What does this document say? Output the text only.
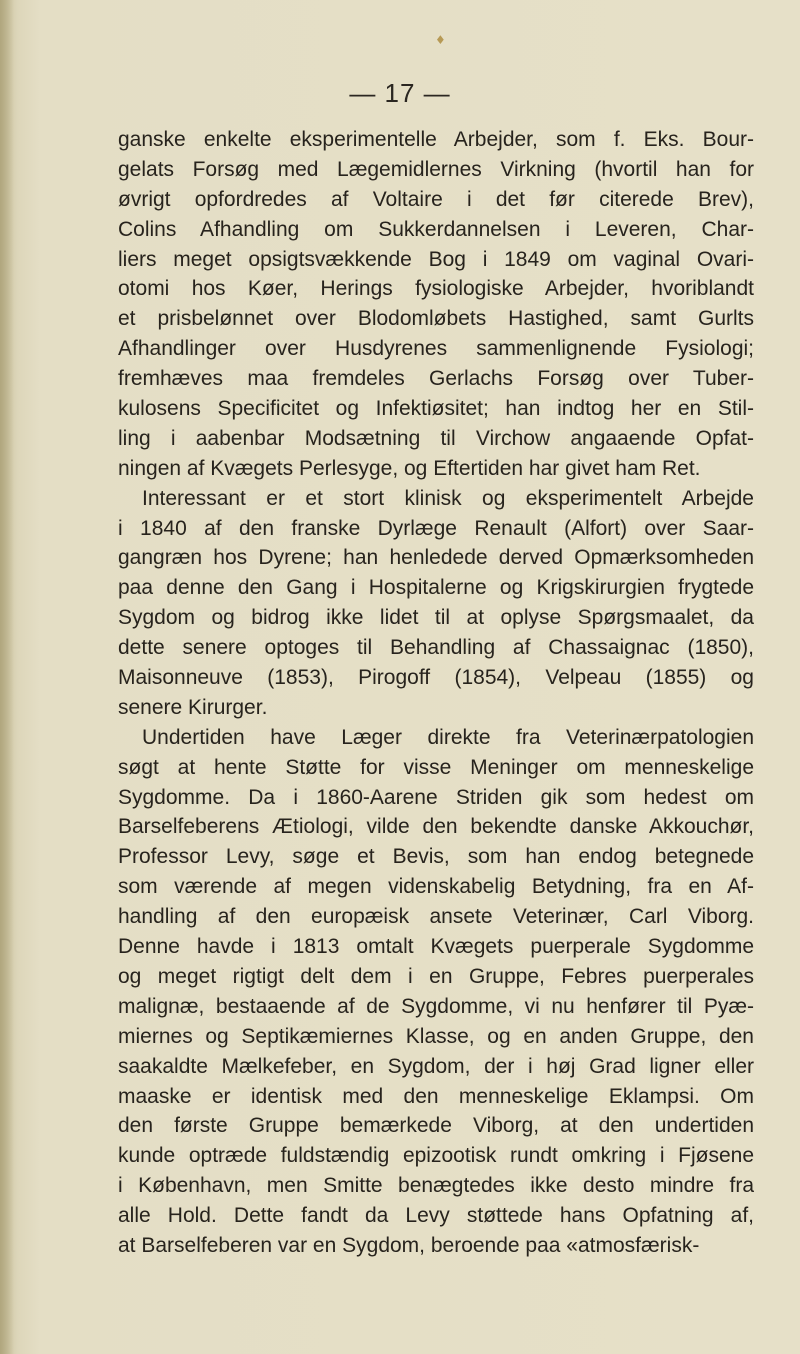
♦
— 17 —
ganske enkelte eksperimentelle Arbejder, som f. Eks. Bour-
gelats Forsøg med Lægemidlernes Virkning (hvortil han for
øvrigt opfordredes af Voltaire i det før citerede Brev),
Colins Afhandling om Sukkerdannelsen i Leveren, Char-
liers meget opsigtsvækkende Bog i 1849 om vaginal Ovari-
otomi hos Køer, Herings fysiologiske Arbejder, hvoriblandt
et prisbelønnet over Blodomløbets Hastighed, samt Gurlts
Afhandlinger over Husdyrenes sammenlignende Fysiologi;
fremhæves maa fremdeles Gerlachs Forsøg over Tuber-
kulosens Specificitet og Infektiøsitet; han indtog her en Stil-
ling i aabenbar Modsætning til Virchow angaaende Opfat-
ningen af Kvægets Perlesyge, og Eftertiden har givet ham Ret.
Interessant er et stort klinisk og eksperimentelt Arbejde
i 1840 af den franske Dyrlæge Renault (Alfort) over Saar-
gangræn hos Dyrene; han henledede derved Opmærksomheden
paa denne den Gang i Hospitalerne og Krigskirurgien frygtede
Sygdom og bidrog ikke lidet til at oplyse Spørgsmaalet, da
dette senere optoges til Behandling af Chassaignac (1850),
Maisonneuve (1853), Pirogoff (1854), Velpeau (1855) og
senere Kirurger.
Undertiden have Læger direkte fra Veterinærpatologien
søgt at hente Støtte for visse Meninger om menneskelige
Sygdomme. Da i 1860-Aarene Striden gik som hedest om
Barselfeberens Ætiologi, vilde den bekendte danske Akkouchør,
Professor Levy, søge et Bevis, som han endog betegnede
som værende af megen videnskabelig Betydning, fra en Af-
handling af den europæisk ansete Veterinær, Carl Viborg.
Denne havde i 1813 omtalt Kvægets puerperale Sygdomme
og meget rigtigt delt dem i en Gruppe, Febres puerperales
malignæ, bestaaende af de Sygdomme, vi nu henfører til Pyæ-
miernes og Septikæmiernes Klasse, og en anden Gruppe, den
saakaldte Mælkefeber, en Sygdom, der i høj Grad ligner eller
maaske er identisk med den menneskelige Eklampsi. Om
den første Gruppe bemærkede Viborg, at den undertiden
kunde optræde fuldstændig epizootisk rundt omkring i Fjøsene
i København, men Smitte benægtedes ikke desto mindre fra
alle Hold. Dette fandt da Levy støttede hans Opfatning af,
at Barselfeberen var en Sygdom, beroende paa «atmosfærisk-
